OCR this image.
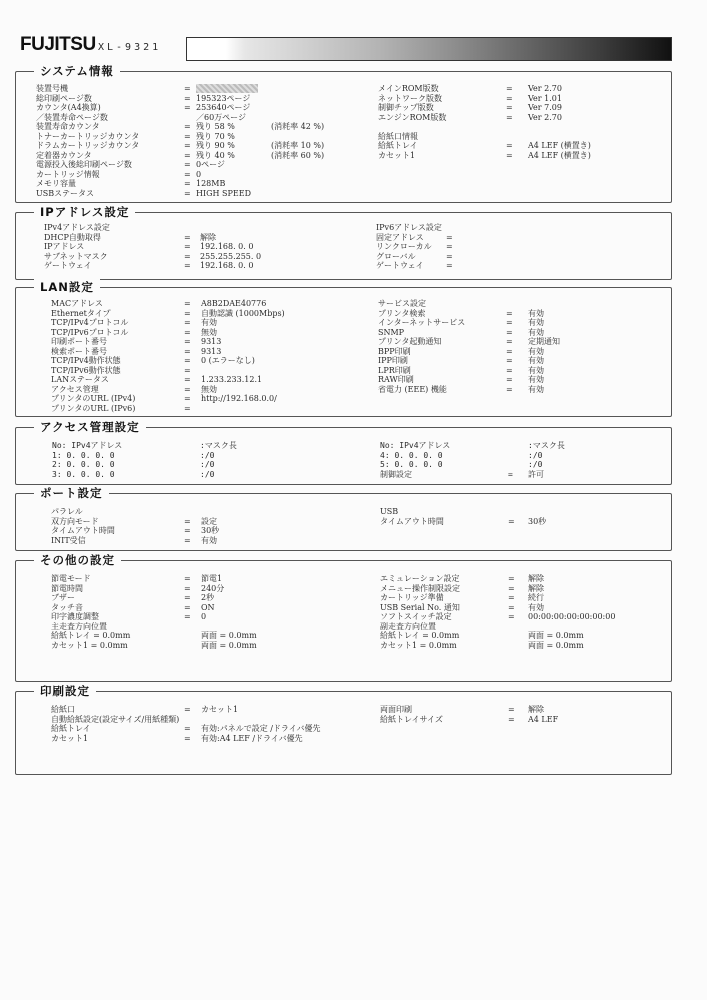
FUJITSU XL-9321
システム情報
装置号機	=
総印刷ページ数	= 195323ページ
カウンタ(A4換算)	= 253640ページ
／装置寿命ページ数	／60万ページ
装置寿命カウンタ	= 残り 58 %	(消耗率 42 %)
トナーカートリッジカウンタ	= 残り 70 %
ドラムカートリッジカウンタ	= 残り 90 %	(消耗率 10 %)
定着器カウンタ	= 残り 40 %	(消耗率 60 %)
電源投入後総印刷ページ数	= 0ページ
カートリッジ情報	= 0
メモリ容量	= 128MB
USBステータス	= HIGH SPEED
メインROM版数	= Ver 2.70
ネットワーク版数	= Ver 1.01
制御チップ版数	= Ver 7.09
エンジンROM版数	= Ver 2.70
給紙口情報
給紙トレイ	= A4 LEF (横置き)
カセット1	= A4 LEF (横置き)
IPアドレス設定
IPv4アドレス設定
DHCP自動取得	= 解除
IPアドレス	= 192.168. 0. 0
サブネットマスク	= 255.255.255. 0
ゲートウェイ	= 192.168. 0. 0
IPv6アドレス設定
固定アドレス	=
リンクローカル =
グローバル	=
ゲートウェイ	=
LAN設定
MACアドレス	= A8B2DAE40776
Ethernetタイプ	= 自動認識 (1000Mbps)
TCP/IPv4プロトコル	= 有効
TCP/IPv6プロトコル	= 無効
印刷ポート番号	= 9313
検索ポート番号	= 9313
TCP/IPv4動作状態	= 0 (エラーなし)
TCP/IPv6動作状態	=
LANステータス	= 1.233.233.12.1
アクセス管理	= 無効
プリンタのURL (IPv4)	= http://192.168.0.0/
プリンタのURL (IPv6)	=
サービス設定
プリンタ検索	= 有効
インターネットサービス	= 有効
SNMP	= 有効
プリンタ起動通知	= 定期通知
BPP印刷	= 有効
IPP印刷	= 有効
LPR印刷	= 有効
RAW印刷	= 有効
省電力 (EEE) 機能	= 有効
アクセス管理設定
No: IPv4アドレス	:マスク長
1: 0. 0. 0. 0	:/0
2: 0. 0. 0. 0	:/0
3: 0. 0. 0. 0	:/0
No: IPv4アドレス	:マスク長
4: 0. 0. 0. 0	:/0
5: 0. 0. 0. 0	:/0
制御設定	= 許可
ポート設定
パラレル
双方向モード	= 設定
タイムアウト時間	= 30秒
INIT受信	= 有効
USB
タイムアウト時間	= 30秒
その他の設定
節電モード	= 節電1
節電時間	= 240分
ブザー	= 2秒
タッチ音	= ON
印字濃度調整	= 0
主走査方向位置
給紙トレイ = 0.0mm	両面 = 0.0mm
カセット1 = 0.0mm	両面 = 0.0mm
エミュレーション設定	= 解除
メニュー操作制限設定	= 解除
カートリッジ準備	= 続行
USB Serial No. 通知	= 有効
ソフトスイッチ設定	= 00:00:00:00:00:00:00
副走査方向位置
給紙トレイ = 0.0mm	両面 = 0.0mm
カセット1 = 0.0mm	両面 = 0.0mm
印刷設定
給紙口	= カセット1
自動給紙設定(設定サイズ/用紙種類)
給紙トレイ	= 有効:パネルで設定 /ドライバ優先
カセット1	= 有効:A4 LEF /ドライバ優先
両面印刷	= 解除
給紙トレイサイズ	= A4 LEF
